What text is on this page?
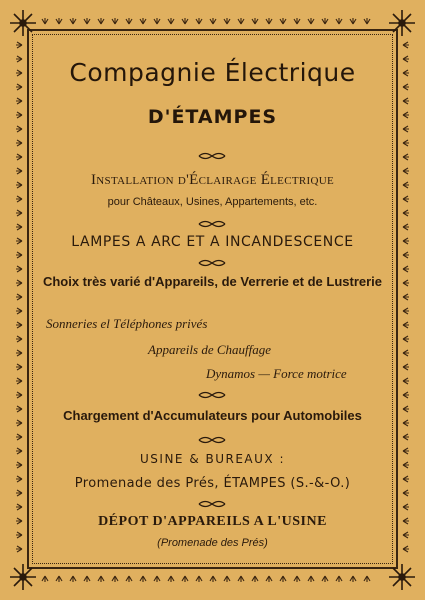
Compagnie Électrique
D'ÉTAMPES
Installation d'Éclairage Électrique
pour Châteaux, Usines, Appartements, etc.
LAMPES A ARC ET A INCANDESCENCE
Choix très varié d'Appareils, de Verrerie et de Lustrerie
Sonneries el Téléphones privés
Appareils de Chauffage
Dynamos — Force motrice
Chargement d'Accumulateurs pour Automobiles
USINE & BUREAUX :
Promenade des Prés, ÉTAMPES (S.-&-O.)
DÉPOT D'APPAREILS A L'USINE
(Promenade des Prés)
